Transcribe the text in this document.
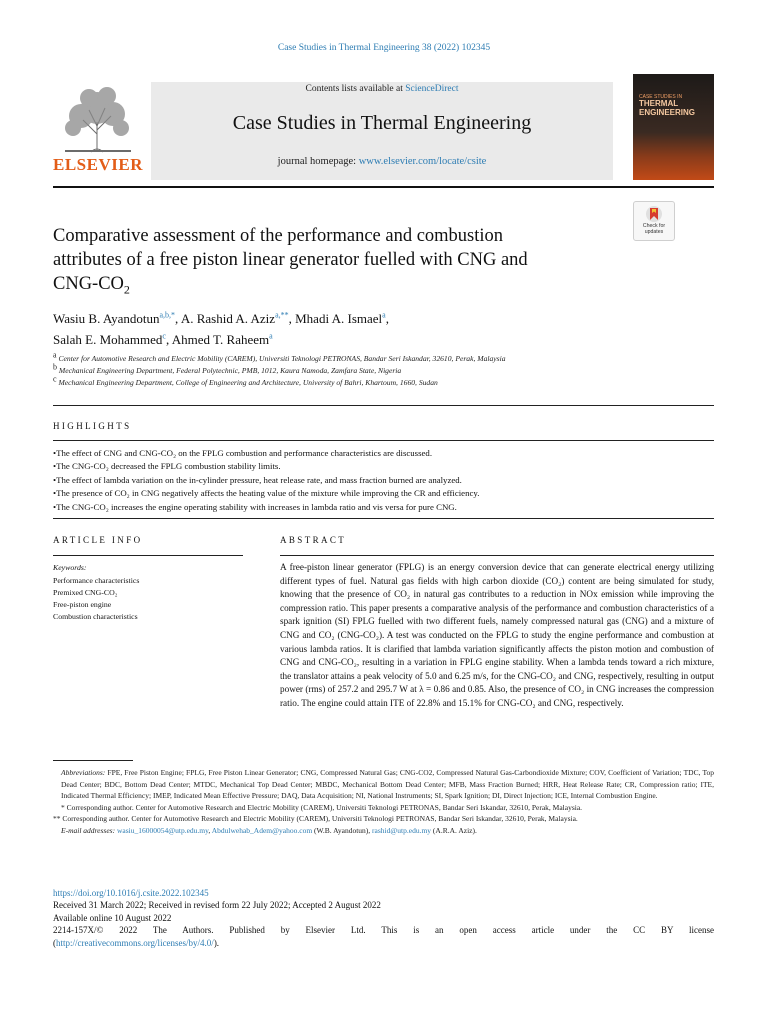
Case Studies in Thermal Engineering 38 (2022) 102345
ELSEVIER
Contents lists available at ScienceDirect
Case Studies in Thermal Engineering
journal homepage: www.elsevier.com/locate/csite
CASE STUDIES IN
THERMAL ENGINEERING
Check for updates
Comparative assessment of the performance and combustion
attributes of a free piston linear generator fuelled with CNG and
CNG-$CO_2$
Wasiu B. Ayandotun$^{a,b,*}$, A. Rashid A. Aziz$^{a,**}$, Mhadi A. Ismael$^a$,
Salah E. Mohammed$^c$, Ahmed T. Raheem$^a$
$^a$ Center for Automotive Research and Electric Mobility (CAREM), Universiti Teknologi PETRONAS, Bandar Seri Iskandar, 32610, Perak, Malaysia
$^b$ Mechanical Engineering Department, Federal Polytechnic, PMB, 1012, Kaura Namoda, Zamfara State, Nigeria
$^c$ Mechanical Engineering Department, College of Engineering and Architecture, University of Bahri, Khartoum, 1660, Sudan
HIGHLIGHTS
• The effect of CNG and CNG-CO₂ on the FPLG combustion and performance characteristics are discussed.
• The CNG-CO₂ decreased the FPLG combustion stability limits.
• The effect of lambda variation on the in-cylinder pressure, heat release rate, and mass fraction burned are analyzed.
• The presence of CO₂ in CNG negatively affects the heating value of the mixture while improving the CR and efficiency.
• The CNG-CO₂ increases the engine operating stability with increases in lambda ratio and vis versa for pure CNG.
ARTICLE INFO
Keywords:
Performance characteristics
Premixed CNG-CO₂
Free-piston engine
Combustion characteristics
ABSTRACT
A free-piston linear generator (FPLG) is an energy conversion device that can generate electrical energy utilizing different types of fuel. Natural gas fields with high carbon dioxide (CO₂) content are being simulated for study, knowing that the presence of CO₂ in natural gas contributes to a reduction in NOx emission while improving the compression ratio. This paper presents a comparative analysis of the performance and combustion characteristics of a spark ignition (SI) FPLG fuelled with two different fuels, namely compressed natural gas (CNG) and a mixture of CNG and CO₂ (CNG-CO₂). A test was conducted on the FPLG to study the engine performance and combustion at various lambda ratios. It is clarified that lambda variation significantly affects the piston motion and combustion of CNG and CNG-CO₂, resulting in a variation in FPLG engine stability. When a lambda tends toward a rich mixture, the translator attains a peak velocity of 5.0 and 6.25 m/s, for the CNG-CO₂ and CNG, respectively, resulting in output power (rms) of 257.2 and 295.7 W at λ = 0.86 and 0.85. Also, the presence of CO₂ in CNG increases the compression ratio. The engine could attain ITE of 22.8% and 15.1% for CNG-CO₂ and CNG, respectively.

Abbreviations: FPE, Free Piston Engine; FPLG, Free Piston Linear Generator; CNG, Compressed Natural Gas; CNG-CO2, Compressed Natural Gas-Carbondioxide Mixture; COV, Coefficient of Variation; TDC, Top Dead Center; BDC, Bottom Dead Center; MTDC, Mechanical Top Dead Center; MBDC, Mechanical Bottom Dead Center; MFB, Mass Fraction Burned; HRR, Heat Release Rate; CR, Compression ratio; ITE, Indicated Thermal Efficiency; IMEP, Indicated Mean Effective Pressure; DAQ, Data Acquisition; NI, National Instruments; SI, Spark Ignition; DI, Direct Injection; ICE, Internal Combustion Engine.

* Corresponding author. Center for Automotive Research and Electric Mobility (CAREM), Universiti Teknologi PETRONAS, Bandar Seri Iskandar, 32610, Perak, Malaysia.

** Corresponding author. Center for Automotive Research and Electric Mobility (CAREM), Universiti Teknologi PETRONAS, Bandar Seri Iskandar, 32610, Perak, Malaysia.

E-mail addresses: wasiu_16000054@utp.edu.my, Abdulwehab_Adem@yahoo.com (W.B. Ayandotun), rashid@utp.edu.my (A.R.A. Aziz).

https://doi.org/10.1016/j.csite.2022.102345

Received 31 March 2022; Received in revised form 22 July 2022; Accepted 2 August 2022

Available online 10 August 2022

2214-157X/© 2022 The Authors. Published by Elsevier Ltd. This is an open access article under the CC BY license

(http://creativecommons.org/licenses/by/4.0/).
